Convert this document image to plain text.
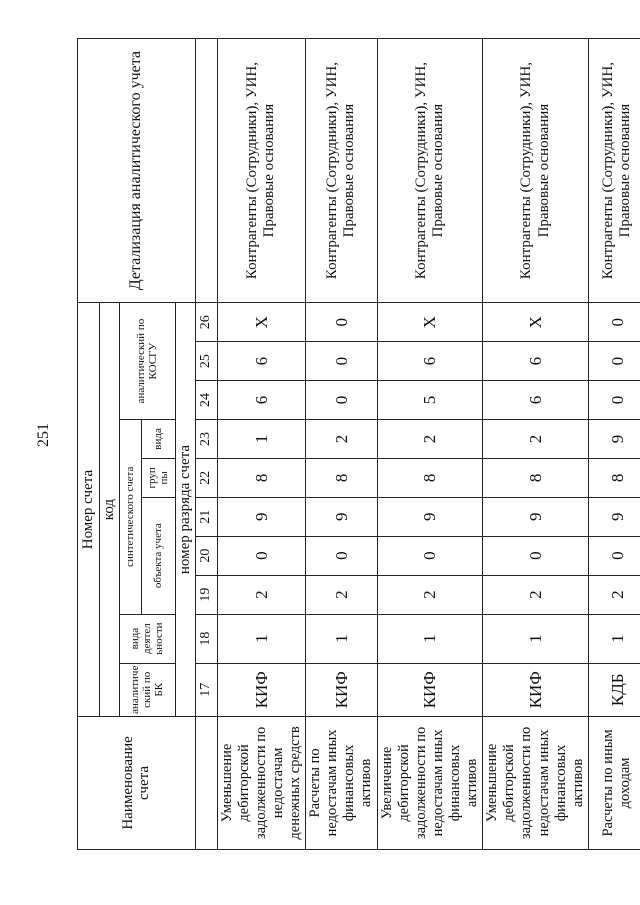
251
Наименование счета	Номер счета										Детализация аналитического учета
	код										
	аналитиче ский по БК	вида деятел ьности	синтетического счета					аналитический по КОСГУ			
			объекта учета			груп пы	вида				
	номер разряда счета										
	17	18	19	20	21	22	23	24	25	26	
Уменьшение дебиторской задолженности по недостачам денежных средств	КИФ	1	2	0	9	8	1	6	6	Х	Контрагенты (Сотрудники), УИН, Правовые основания
Расчеты по недостачам иных финансовых активов	КИФ	1	2	0	9	8	2	0	0	0	Контрагенты (Сотрудники), УИН, Правовые основания
Увеличение дебиторской задолженности по недостачам иных финансовых активов	КИФ	1	2	0	9	8	2	5	6	Х	Контрагенты (Сотрудники), УИН, Правовые основания
Уменьшение дебиторской задолженности по недостачам иных финансовых активов	КИФ	1	2	0	9	8	2	6	6	Х	Контрагенты (Сотрудники), УИН, Правовые основания
Расчеты по иным доходам	КДБ	1	2	0	9	8	9	0	0	0	Контрагенты (Сотрудники), УИН, Правовые основания
